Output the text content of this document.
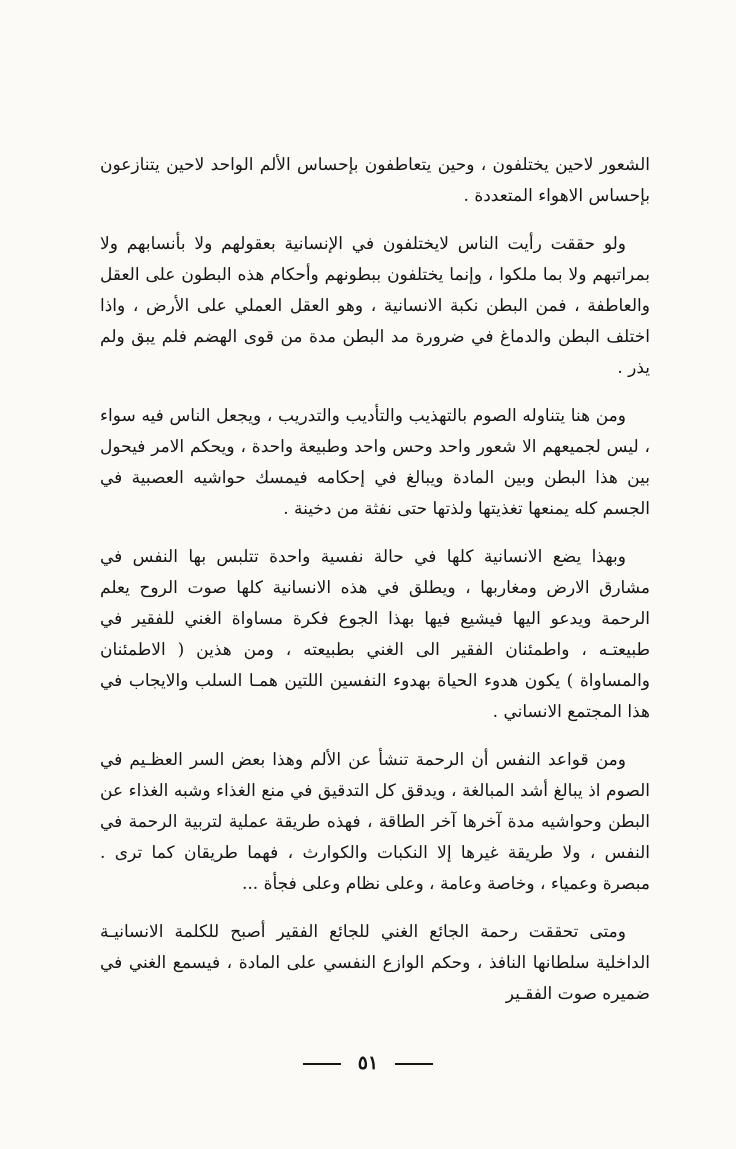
الشعور لاحين يختلفون ، وحين يتعاطفون بإحساس الألم الواحد لاحين يتنازعون بإحساس الاهواء المتعددة .

ولو حققت رأيت الناس لايختلفون في الإنسانية بعقولهم ولا بأنسابهم ولا بمراتبهم ولا بما ملكوا ، وإنما يختلفون ببطونهم وأحكام هذه البطون على العقل والعاطفة ، فمن البطن نكبة الانسانية ، وهو العقل العملي على الأرض ، واذا اختلف البطن والدماغ في ضرورة مد البطن مدة من قوى الهضم فلم يبق ولم يذر .

ومن هنا يتناوله الصوم بالتهذيب والتأديب والتدريب ، ويجعل الناس فيه سواء ، ليس لجميعهم الا شعور واحد وحس واحد وطبيعة واحدة ، ويحكم الامر فيحول بين هذا البطن وبين المادة ويبالغ في إحكامه فيمسك حواشيه العصبية في الجسم كله يمنعها تغذيتها ولذتها حتى نفثة من دخينة .

وبهذا يضع الانسانية كلها في حالة نفسية واحدة تتلبس بها النفس في مشارق الارض ومغاربها ، ويطلق في هذه الانسانية كلها صوت الروح يعلم الرحمة ويدعو اليها فيشيع فيها بهذا الجوع فكرة مساواة الغني للفقير في طبيعتـه ، واطمئنان الفقير الى الغني بطبيعته ، ومن هذين ( الاطمئنان والمساواة ) يكون هدوء الحياة بهدوء النفسين اللتين همـا السلب والايجاب في هذا المجتمع الانساني .

ومن قواعد النفس أن الرحمة تنشأ عن الألم وهذا بعض السر العظـيم في الصوم اذ يبالغ أشد المبالغة ، ويدقق كل التدقيق في منع الغذاء وشبه الغذاء عن البطن وحواشيه مدة آخرها آخر الطاقة ، فهذه طريقة عملية لتربية الرحمة في النفس ، ولا طريقة غيرها إلا النكبات والكوارث ، فهما طريقان كما ترى . مبصرة وعمياء ، وخاصة وعامة ، وعلى نظام وعلى فجأة ...

ومتى تحققت رحمة الجائع الغني للجائع الفقير أصبح للكلمة الانسانيـة الداخلية سلطانها النافذ ، وحكم الوازع النفسي على المادة ، فيسمع الغني في ضميره صوت الفقـير

٥١
